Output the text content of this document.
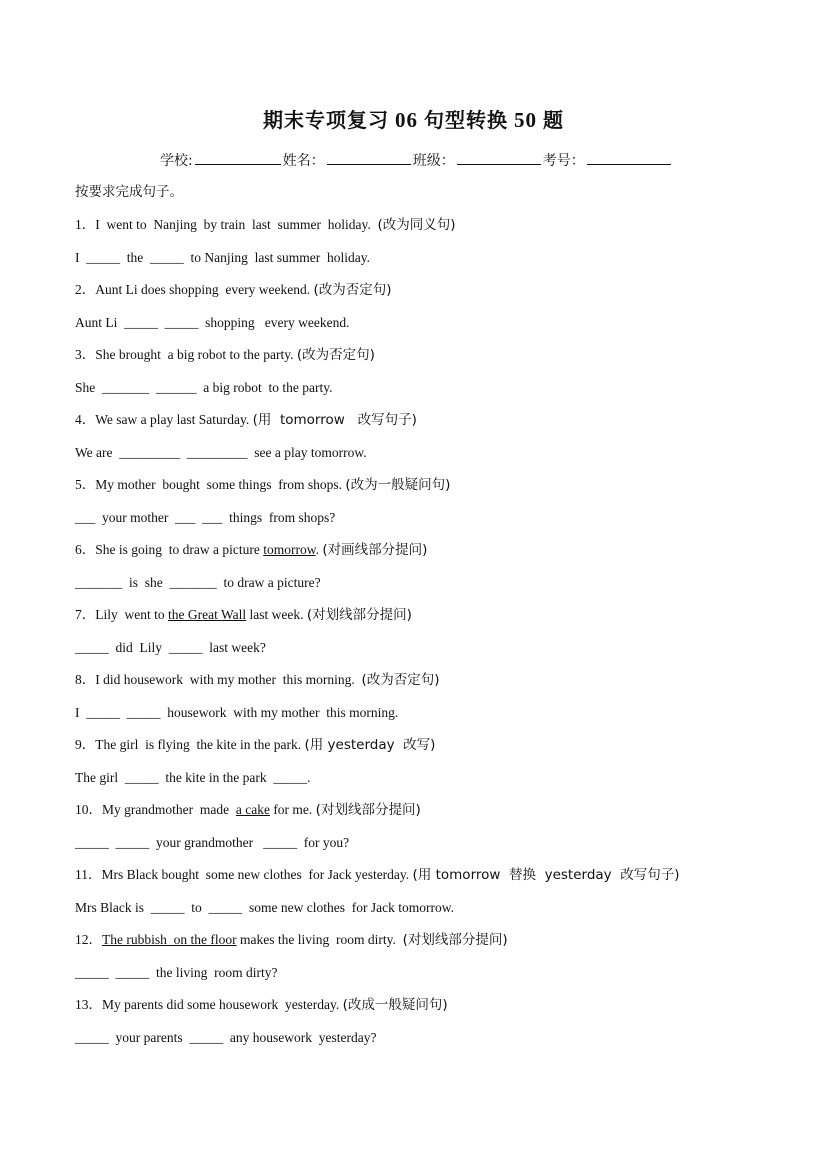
期末专项复习 06 句型转换 50 题
学校:	姓名：	班级：	考号：
按要求完成句子。
1．I  went to  Nanjing  by train  last  summer  holiday.  (改为同义句)
I  _____  the  _____  to Nanjing  last summer  holiday.
2．Aunt Li does shopping  every weekend. (改为否定句)
Aunt Li  _____  _____  shopping   every weekend.
3．She brought  a big robot to the party. (改为否定句)
She  _______  ______  a big robot  to the party.
4．We saw a play last Saturday. (用  tomorrow   改写句子)
We are  _________  _________  see a play tomorrow.
5．My mother  bought  some things  from shops. (改为一般疑问句)
___  your mother  ___  ___  things  from shops?
6．She is going  to draw a picture tomorrow. (对画线部分提问)
_______  is  she  _______  to draw a picture?
7．Lily  went to the Great Wall last week. (对划线部分提问)
_____  did  Lily  _____  last week?
8．I did housework  with my mother  this morning.  (改为否定句)
I  _____  _____  housework  with my mother  this morning.
9．The girl  is flying  the kite in the park. (用 yesterday  改写)
The girl  _____  the kite in the park  _____.
10．My grandmother  made  a cake for me. (对划线部分提问)
_____  _____  your grandmother   _____  for you?
11．Mrs Black bought  some new clothes  for Jack yesterday. (用 tomorrow  替换  yesterday  改写句子)
Mrs Black is  _____  to  _____  some new clothes  for Jack tomorrow.
12．The rubbish  on the floor makes the living  room dirty.  (对划线部分提问)
_____  _____  the living  room dirty?
13．My parents did some housework  yesterday. (改成一般疑问句)
_____  your parents  _____  any housework  yesterday?
